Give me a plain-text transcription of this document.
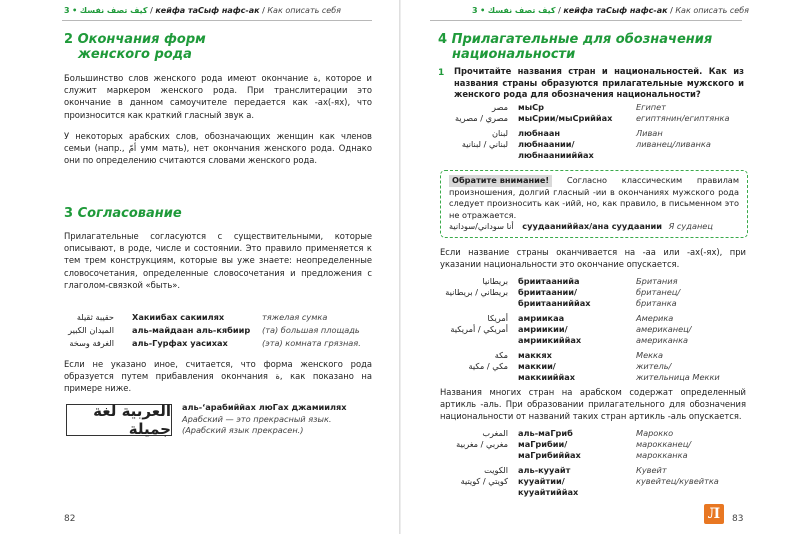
3 • كيف تصف نفسك / кейфа таСыф нафс-ак / Как описать себя
2 Окончания форм
женского рода
Большинство слов женского рода имеют окончание ة, которое и служит маркером женского рода. При транслитерации это окончание в данном самоучителе передается как -ах(-ях), что произносится как краткий гласный звук а.
У некоторых арабских слов, обозначающих женщин как членов семьи (напр., أمّ умм мать), нет окончания женского рода. Однако они по определению считаются словами женского рода.
3 Согласование
Прилагательные согласуются с существительными, которые описывают, в роде, числе и состоянии. Это правило применяется к тем трем конструкциям, которые вы уже знаете: неопределенные словосочетания, определенные словосочетания и предложения с глаголом-связкой «быть».
حقيبة ثقيلة Хакиибах сакиилях	тяжелая сумка
الميدان الكبير аль-майдаан аль-кябиир (та) большая площадь
الغرفة وسخة аль-Гурфах уасихах	(эта) комната грязная.
Если не указано иное, считается, что форма женского рода образуется путем прибавления окончания ة, как показано на примере ниже.
العربية لغة جميلة
аль-‘арабиййах люГах джамиилях
Арабский — это прекрасный язык.
(Арабский язык прекрасен.)
82
3 • كيف تصف نفسك / кейфа таСыф нафс-ак / Как описать себя
4 Прилагательные для обозначения
национальности
1 Прочитайте названия стран и национальностей. Как из названия страны образуются прилагательные мужского и женского рода для обозначения национальности?
مصر
مصري / مصرية
мыСр
мыСрии/мыСриййах
Египет
египтянин/египтянка
لبنان
لبناني / لبنانية
любнаан
любнаании/
любнаанииййах
Ливан
ливанец/ливанка
Обратите внимание! Согласно классическим правилам произношения, долгий гласный -ии в окончаниях мужского рода следует произносить как -ийй, но, как правило, в письменном это не отражается.
أنا سوداني/سودانية суудааниййах/ана суудаании Я суданец
Если название страны оканчивается на -аа или -ах(-ях), при указании национальности это окончание опускается.
بريطانيا
بريطاني / بريطانية
бриитаанийа
бриитаании/
бриитааниййах
Британия
британец/
британка
أمريكا
أمريكي / أمريكية
амриикаа
амриикии/
амриикиййах
Америка
американец/
американка
مكة
مكي / مكية
маккях
маккии/
маккииййах
Мекка
житель/
жительница Мекки
Названия многих стран на арабском содержат определенный артикль -аль. При образовании прилагательного для обозначения национальности от названий таких стран артикль -аль опускается.
المغرب
مغربي / مغربية
аль-маГриб
маГрибии/
маГрибиййах
Марокко
марокканец/
марокканка
الكويت
كويتي / كويتية
аль-кууайт
кууайтии/
кууайтиййах
Кувейт
кувейтец/кувейтка
83
Л
